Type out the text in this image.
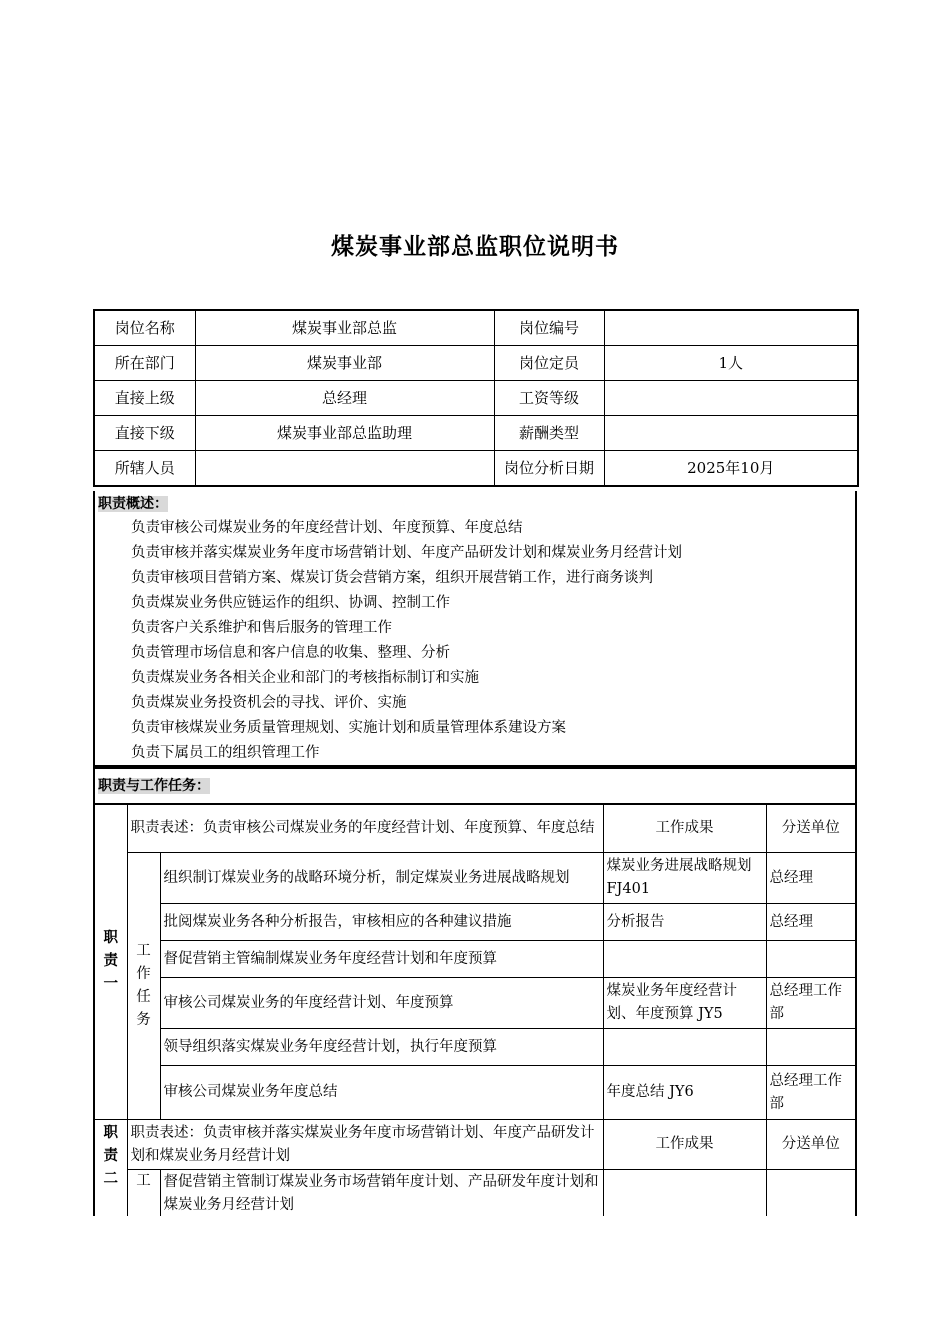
煤炭事业部总监职位说明书
岗位名称	煤炭事业部总监	岗位编号	
所在部门	煤炭事业部	岗位定员	1人
直接上级	总经理	工资等级	
直接下级	煤炭事业部总监助理	薪酬类型	
所辖人员		岗位分析日期	2025年10月
职责概述：
负责审核公司煤炭业务的年度经营计划、年度预算、年度总结
负责审核并落实煤炭业务年度市场营销计划、年度产品研发计划和煤炭业务月经营计划
负责审核项目营销方案、煤炭订货会营销方案，组织开展营销工作，进行商务谈判
负责煤炭业务供应链运作的组织、协调、控制工作
负责客户关系维护和售后服务的管理工作
负责管理市场信息和客户信息的收集、整理、分析
负责煤炭业务各相关企业和部门的考核指标制订和实施
负责煤炭业务投资机会的寻找、评价、实施
负责审核煤炭业务质量管理规划、实施计划和质量管理体系建设方案
负责下属员工的组织管理工作
职责与工作任务：
职责一	职责表述：负责审核公司煤炭业务的年度经营计划、年度预算、年度总结		工作成果	分送单位

	工作任务	组织制订煤炭业务的战略环境分析，制定煤炭业务进展战略规划	煤炭业务进展战略规划 FJ401	总经理
		批阅煤炭业务各种分析报告，审核相应的各种建议措施	分析报告	总经理
		督促营销主管编制煤炭业务年度经营计划和年度预算		
		审核公司煤炭业务的年度经营计划、年度预算	煤炭业务年度经营计划、年度预算 JY5	总经理工作部
		领导组织落实煤炭业务年度经营计划，执行年度预算		
		审核公司煤炭业务年度总结	年度总结 JY6	总经理工作部

职责二	职责表述：负责审核并落实煤炭业务年度市场营销计划、年度产品研发计划和煤炭业务月经营计划		工作成果	分送单位

	工	督促营销主管制订煤炭业务市场营销年度计划、产品研发年度计划和煤炭业务月经营计划		
